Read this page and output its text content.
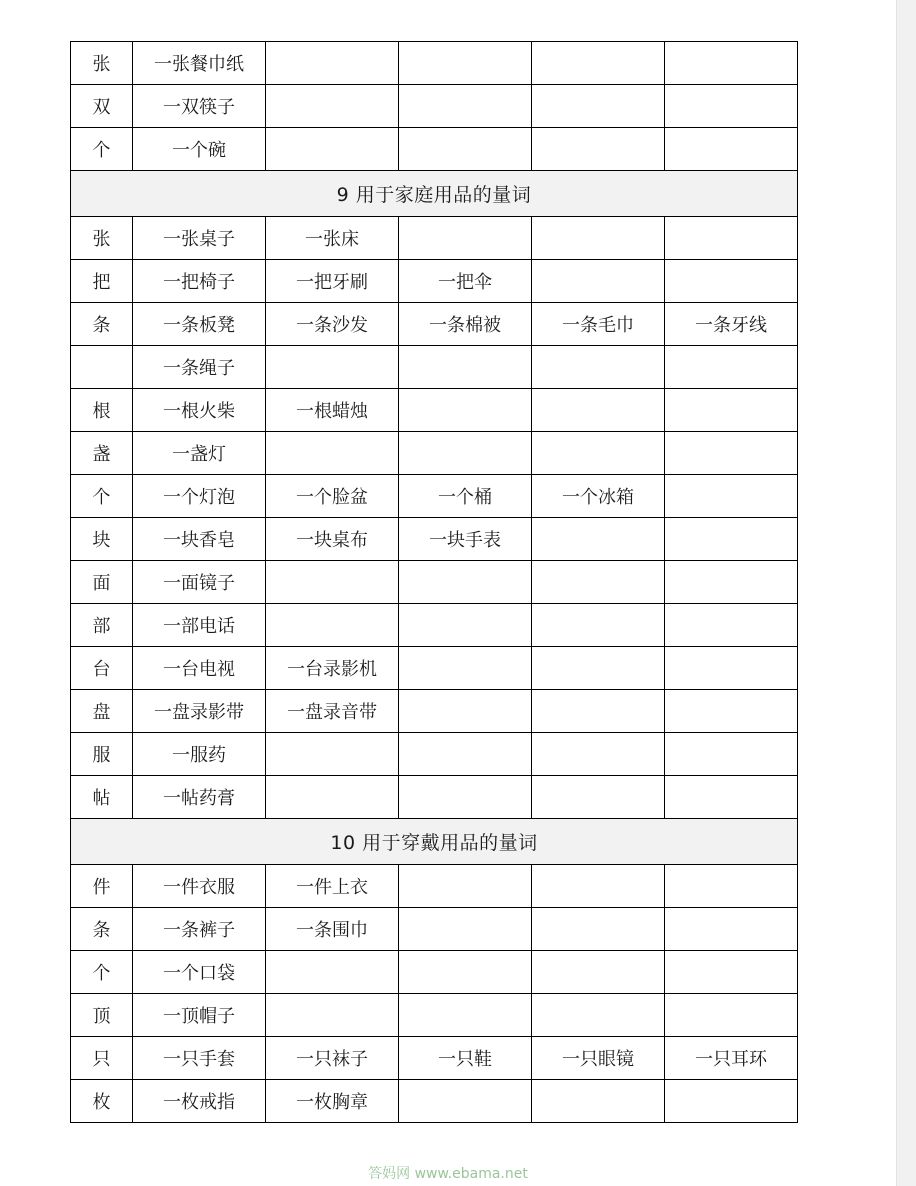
张	一张餐巾纸				
双	一双筷子				
个	一个碗				
9 用于家庭用品的量词					
张	一张桌子	一张床			
把	一把椅子	一把牙刷	一把伞		
条	一条板凳	一条沙发	一条棉被	一条毛巾	一条牙线
	一条绳子				
根	一根火柴	一根蜡烛			
盏	一盏灯				
个	一个灯泡	一个脸盆	一个桶	一个冰箱	
块	一块香皂	一块桌布	一块手表		
面	一面镜子				
部	一部电话				
台	一台电视	一台录影机			
盘	一盘录影带	一盘录音带			
服	一服药				
帖	一帖药膏				
10 用于穿戴用品的量词					
件	一件衣服	一件上衣			
条	一条裤子	一条围巾			
个	一个口袋				
顶	一顶帽子				
只	一只手套	一只袜子	一只鞋	一只眼镜	一只耳环
枚	一枚戒指	一枚胸章			
答妈网 www.ebama.net
